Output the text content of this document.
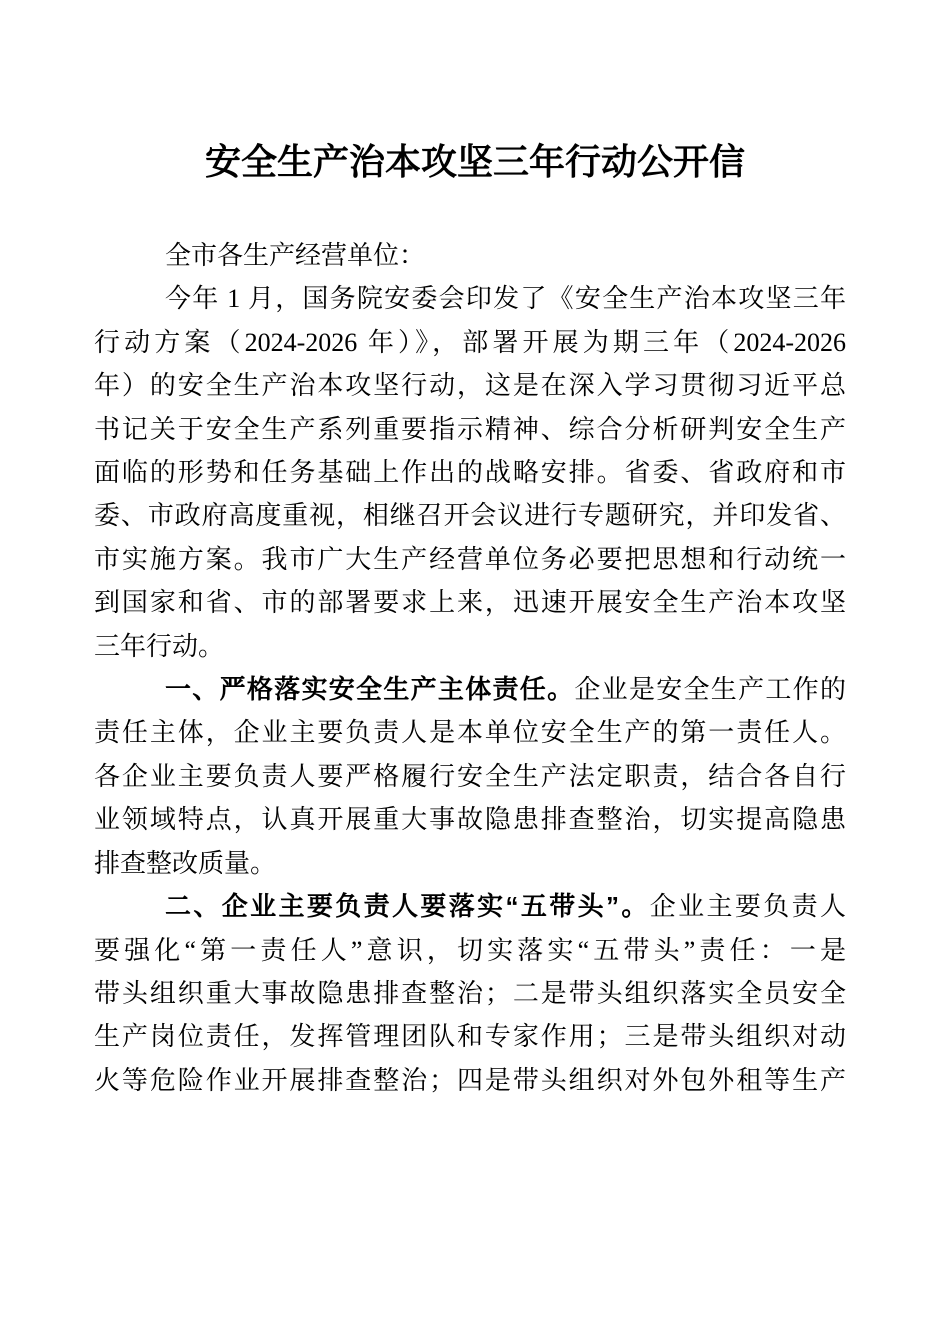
安全生产治本攻坚三年行动公开信
全市各生产经营单位：
今年 1 月，国务院安委会印发了《安全生产治本攻坚三年
行动方案（2024-2026 年）》，部署开展为期三年（2024-2026
年）的安全生产治本攻坚行动，这是在深入学习贯彻习近平总
书记关于安全生产系列重要指示精神、综合分析研判安全生产
面临的形势和任务基础上作出的战略安排。省委、省政府和市
委、市政府高度重视，相继召开会议进行专题研究，并印发省、
市实施方案。我市广大生产经营单位务必要把思想和行动统一
到国家和省、市的部署要求上来，迅速开展安全生产治本攻坚
三年行动。
一、严格落实安全生产主体责任。企业是安全生产工作的
责任主体，企业主要负责人是本单位安全生产的第一责任人。
各企业主要负责人要严格履行安全生产法定职责，结合各自行
业领域特点，认真开展重大事故隐患排查整治，切实提高隐患
排查整改质量。
二、企业主要负责人要落实“五带头”。企业主要负责人
要强化“第一责任人”意识，切实落实“五带头”责任：一是
带头组织重大事故隐患排查整治；二是带头组织落实全员安全
生产岗位责任，发挥管理团队和专家作用；三是带头组织对动
火等危险作业开展排查整治；四是带头组织对外包外租等生产
